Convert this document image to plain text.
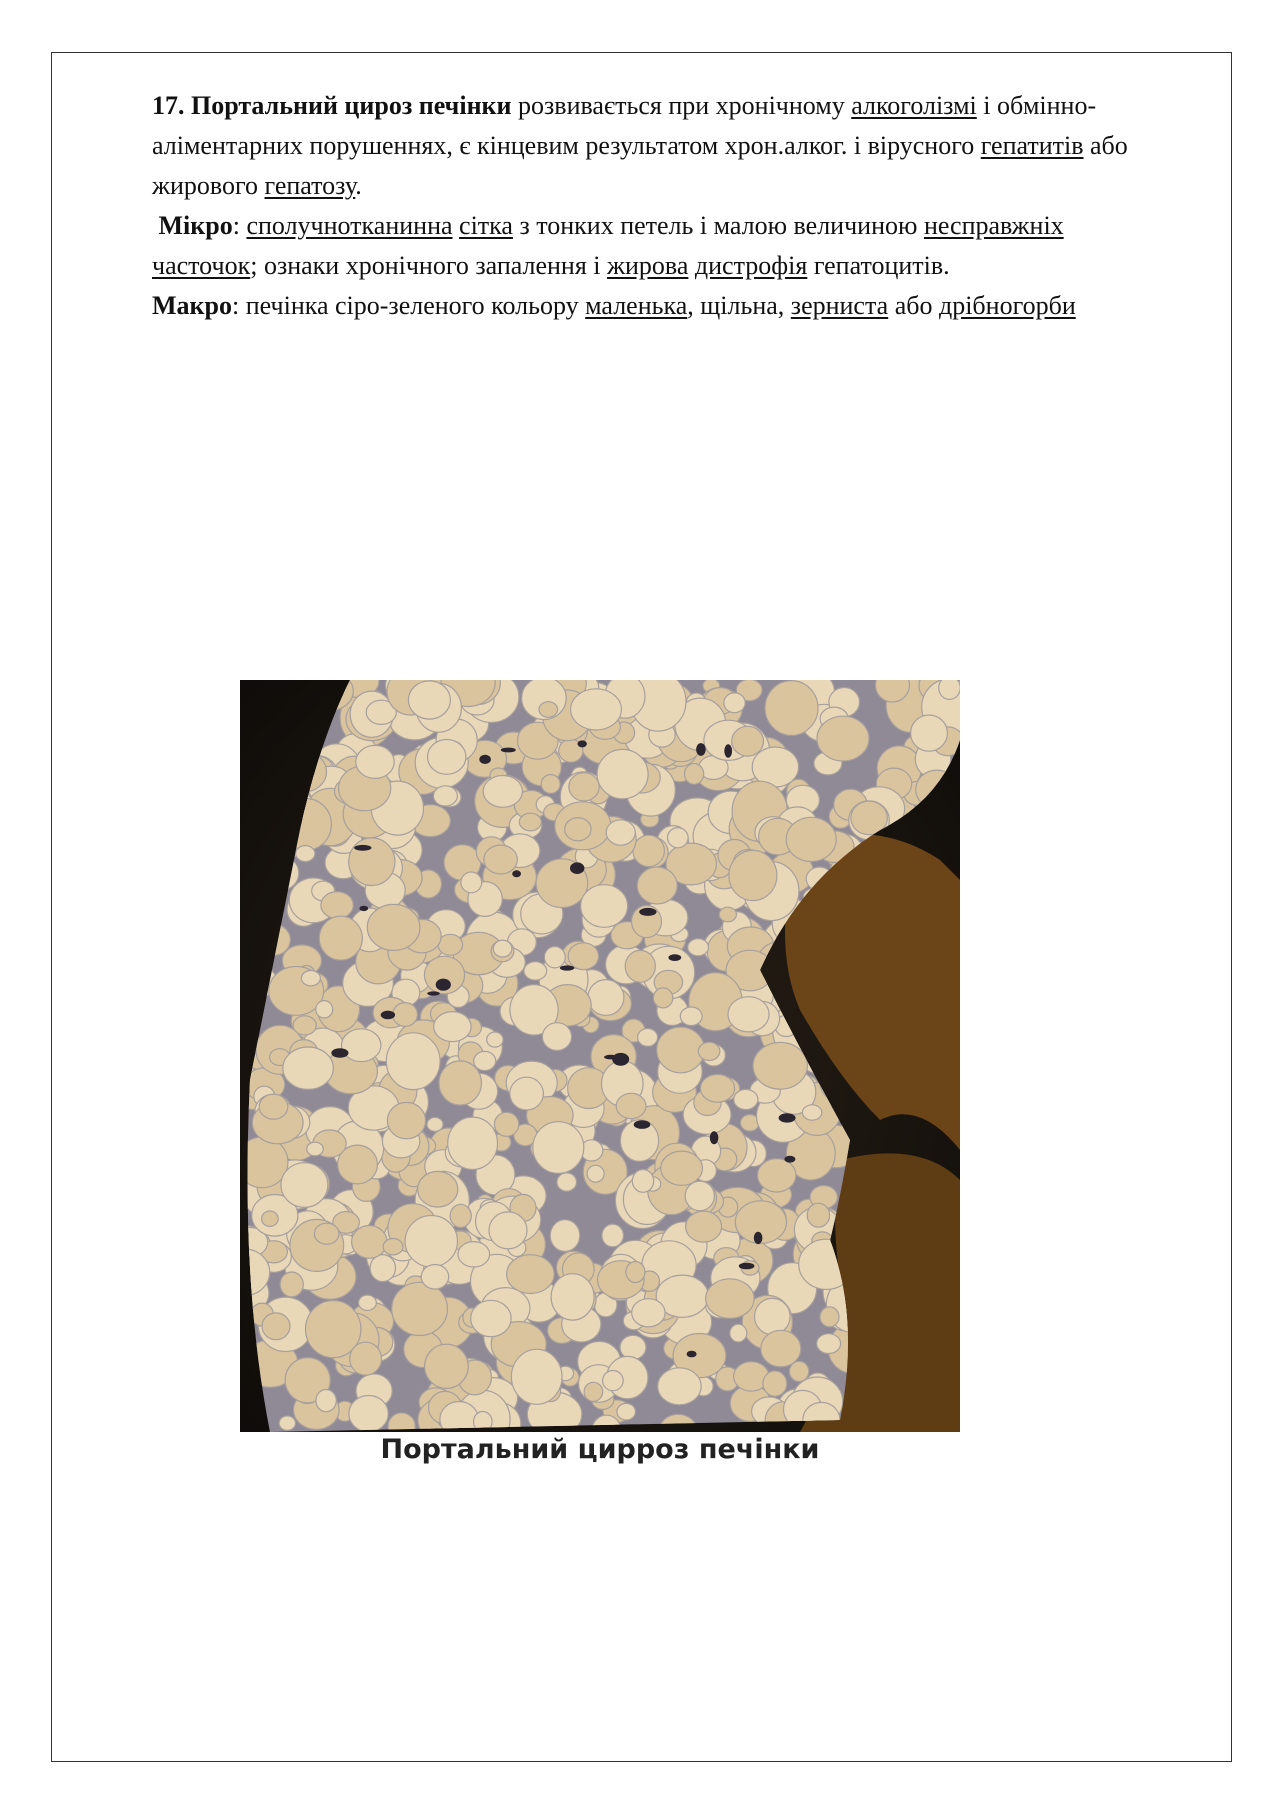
17. Портальний цироз печінки розвивається при хронічному алкоголізмі і обмінно-аліментарних порушеннях, є кінцевим результатом хрон.алког. і вірусного гепатитів або жирового гепатозу.

Мікро: сполучнотканинна сітка з тонких петель і малою величиною несправжніх часточок; ознаки хронічного запалення і жирова дистрофія гепатоцитів.

Макро: печінка сіро-зеленого кольору маленька, щільна, зерниста або дрібногорби

Портальний цирроз печінки
